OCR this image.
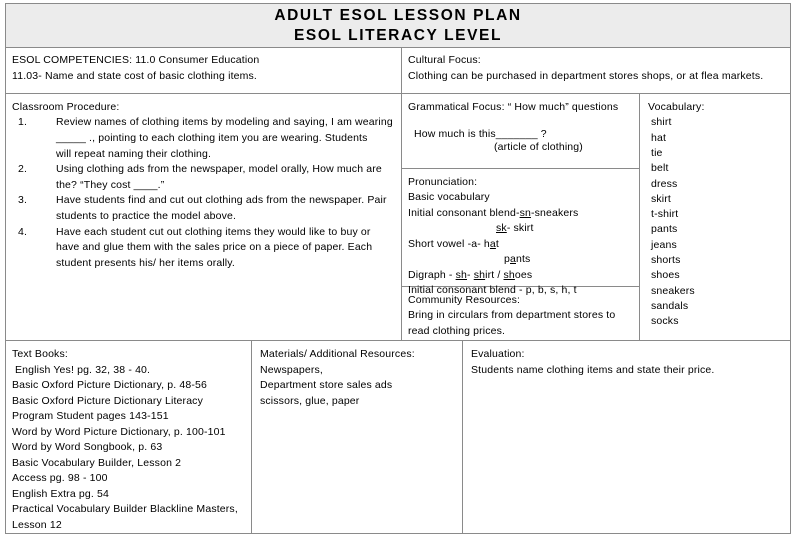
ADULT ESOL LESSON PLAN
ESOL LITERACY LEVEL
ESOL COMPETENCIES: 11.0 Consumer Education
11.03- Name and state cost of basic clothing items.
Cultural Focus:
Clothing can be purchased in department stores shops, or at flea markets.
Classroom Procedure:
1.	Review names of clothing items by modeling and saying, I am wearing
_____ ., pointing to each clothing item you are wearing. Students
will repeat naming their clothing.
2.	Using clothing ads from the newspaper, model orally, How much are
the? “They cost ____.”
3.	Have students find and cut out clothing ads from the newspaper. Pair
students to practice the model above.
4.	Have each student cut out clothing items they would like to buy or
have and glue them with the sales price on a piece of paper. Each
student presents his/ her items orally.
Grammatical Focus: “ How much” questions
How much is this_______ ?
(article of clothing)
Pronunciation:
Basic vocabulary
Initial consonant blend-sn-sneakers
sk- skirt
Short vowel -a- hat
pants
Digraph - sh- shirt / shoes
Initial consonant blend - p, b, s, h, t
Community Resources:
Bring in circulars from department stores to
read clothing prices.
Vocabulary:
shirt
hat
tie
belt
dress
skirt
t-shirt
pants
jeans
shorts
shoes
sneakers
sandals
socks
Text Books:
English Yes! pg. 32, 38 - 40.
Basic Oxford Picture Dictionary, p. 48-56
Basic Oxford Picture Dictionary Literacy
Program Student pages 143-151
Word by Word Picture Dictionary, p. 100-101
Word by Word Songbook, p. 63
Basic Vocabulary Builder, Lesson 2
Access pg. 98 - 100
English Extra pg. 54
Practical Vocabulary Builder Blackline Masters,
Lesson 12
Materials/ Additional Resources:
Newspapers,
Department store sales ads
scissors, glue, paper
Evaluation:
Students name clothing items and state their price.
